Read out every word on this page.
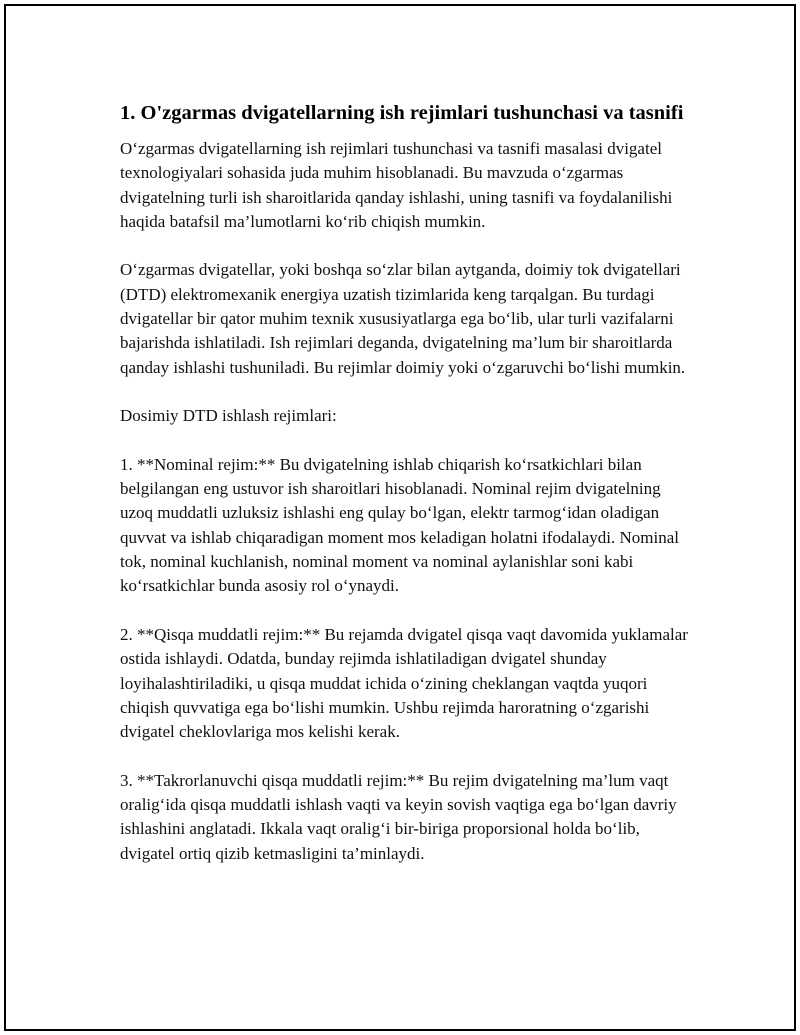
1. O'zgarmas dvigatellarning ish rejimlari tushunchasi va tasnifi

O‘zgarmas dvigatellarning ish rejimlari tushunchasi va tasnifi masalasi dvigatel texnologiyalari sohasida juda muhim hisoblanadi. Bu mavzuda o‘zgarmas dvigatelning turli ish sharoitlarida qanday ishlashi, uning tasnifi va foydalanilishi haqida batafsil ma’lumotlarni ko‘rib chiqish mumkin.

O‘zgarmas dvigatellar, yoki boshqa so‘zlar bilan aytganda, doimiy tok dvigatellari (DTD) elektromexanik energiya uzatish tizimlarida keng tarqalgan. Bu turdagi dvigatellar bir qator muhim texnik xususiyatlarga ega bo‘lib, ular turli vazifalarni bajarishda ishlatiladi. Ish rejimlari deganda, dvigatelning ma’lum bir sharoitlarda qanday ishlashi tushuniladi. Bu rejimlar doimiy yoki o‘zgaruvchi bo‘lishi mumkin.

Dosimiy DTD ishlash rejimlari:

1. **Nominal rejim:** Bu dvigatelning ishlab chiqarish ko‘rsatkichlari bilan belgilangan eng ustuvor ish sharoitlari hisoblanadi. Nominal rejim dvigatelning uzoq muddatli uzluksiz ishlashi eng qulay bo‘lgan, elektr tarmog‘idan oladigan quvvat va ishlab chiqaradigan moment mos keladigan holatni ifodalaydi. Nominal tok, nominal kuchlanish, nominal moment va nominal aylanishlar soni kabi ko‘rsatkichlar bunda asosiy rol o‘ynaydi.

2. **Qisqa muddatli rejim:** Bu rejamda dvigatel qisqa vaqt davomida yuklamalar ostida ishlaydi. Odatda, bunday rejimda ishlatiladigan dvigatel shunday loyihalashtiriladiki, u qisqa muddat ichida o‘zining cheklangan vaqtda yuqori chiqish quvvatiga ega bo‘lishi mumkin. Ushbu rejimda haroratning o‘zgarishi dvigatel cheklovlariga mos kelishi kerak.

3. **Takrorlanuvchi qisqa muddatli rejim:** Bu rejim dvigatelning ma’lum vaqt oralig‘ida qisqa muddatli ishlash vaqti va keyin sovish vaqtiga ega bo‘lgan davriy ishlashini anglatadi. Ikkala vaqt oralig‘i bir-biriga proporsional holda bo‘lib, dvigatel ortiq qizib ketmasligini ta’minlaydi.
